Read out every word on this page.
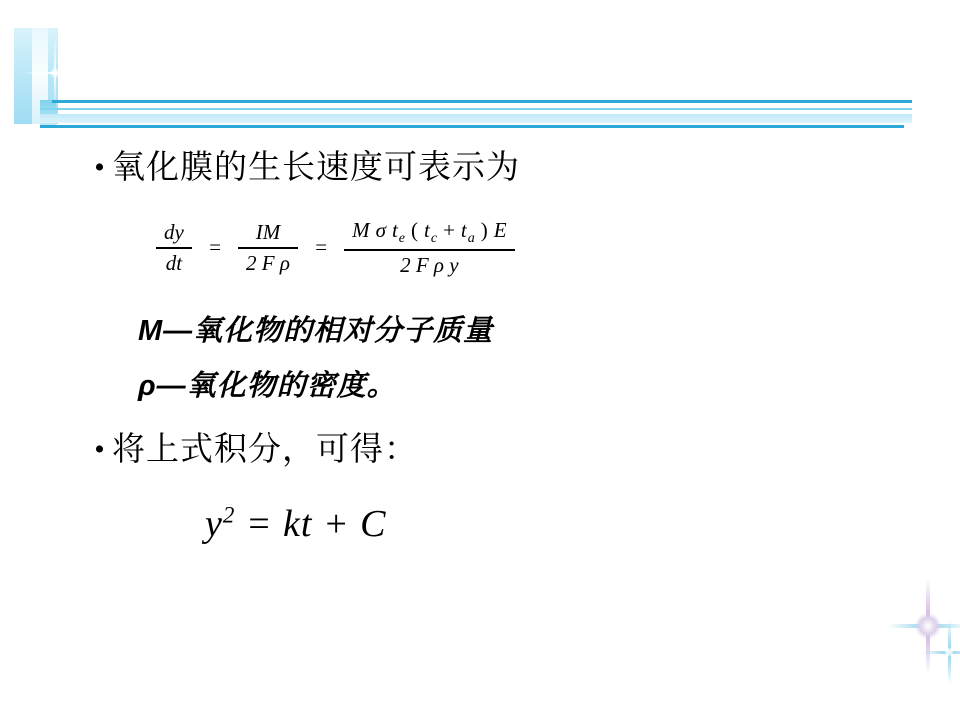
• 氧化膜的生长速度可表示为
$\frac{dy}{dt} = \frac{IM}{\text{2 F ρ}} = \frac{M \sigma t_e ( t_c + t_a ) E}{\text{2 F ρ y}}$
M—氧化物的相对分子质量
ρ—氧化物的密度。
• 将上式积分，可得：
$y^2$ = kt + C
